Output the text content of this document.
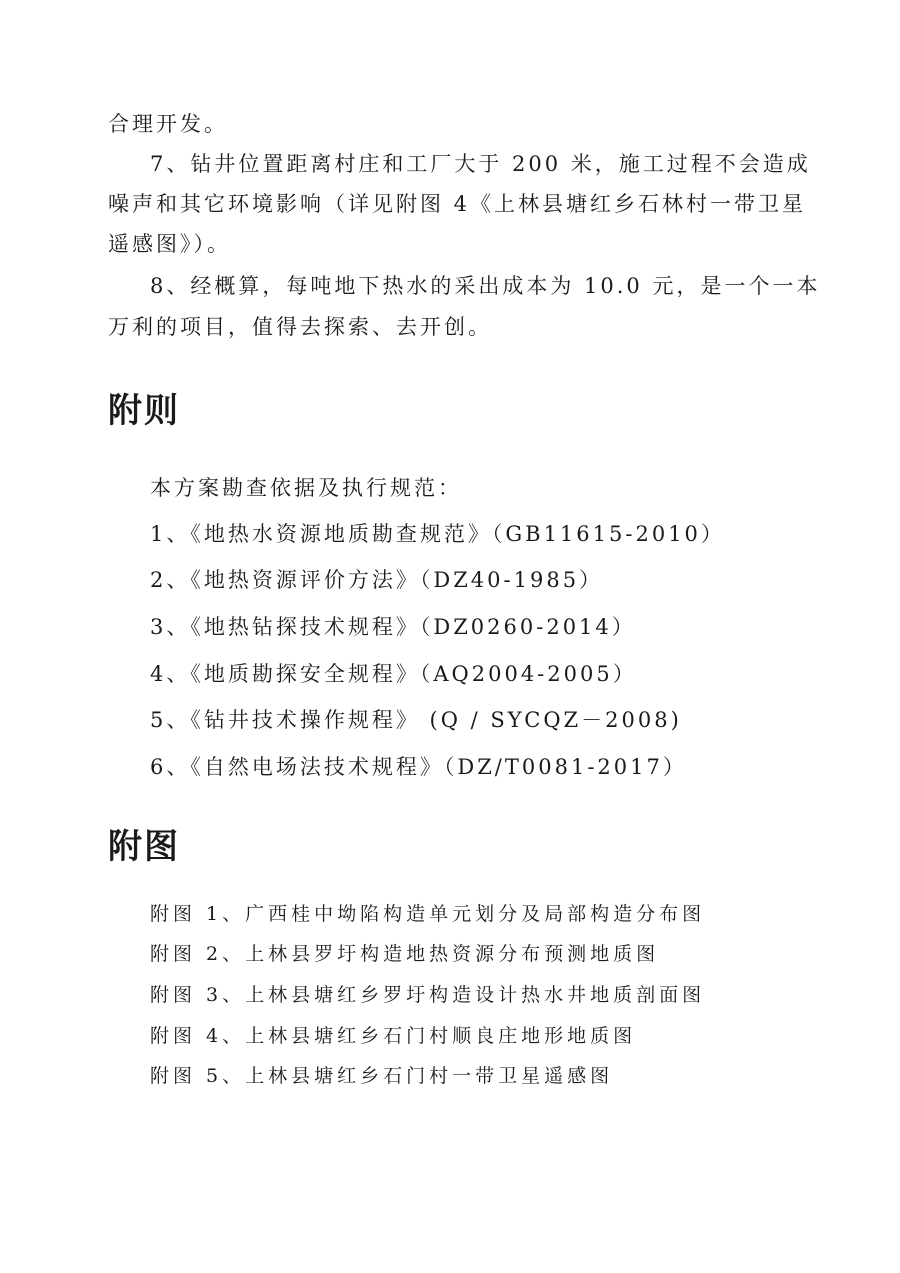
合理开发。
7、钻井位置距离村庄和工厂大于 200 米，施工过程不会造成
噪声和其它环境影响（详见附图 4《上林县塘红乡石林村一带卫星
遥感图》）。
8、经概算，每吨地下热水的采出成本为 10.0 元，是一个一本
万利的项目，值得去探索、去开创。
附则
本方案勘查依据及执行规范：
1、《地热水资源地质勘查规范》（GB11615-2010）
2、《地热资源评价方法》（DZ40-1985）
3、《地热钻探技术规程》（DZ0260-2014）
4、《地质勘探安全规程》（AQ2004-2005）
5、《钻井技术操作规程》 (Q / SYCQZ－2008)
6、《自然电场法技术规程》（DZ/T0081-2017）
附图
附图 1、广西桂中坳陷构造单元划分及局部构造分布图
附图 2、上林县罗圩构造地热资源分布预测地质图
附图 3、上林县塘红乡罗圩构造设计热水井地质剖面图
附图 4、上林县塘红乡石门村顺良庄地形地质图
附图 5、上林县塘红乡石门村一带卫星遥感图
